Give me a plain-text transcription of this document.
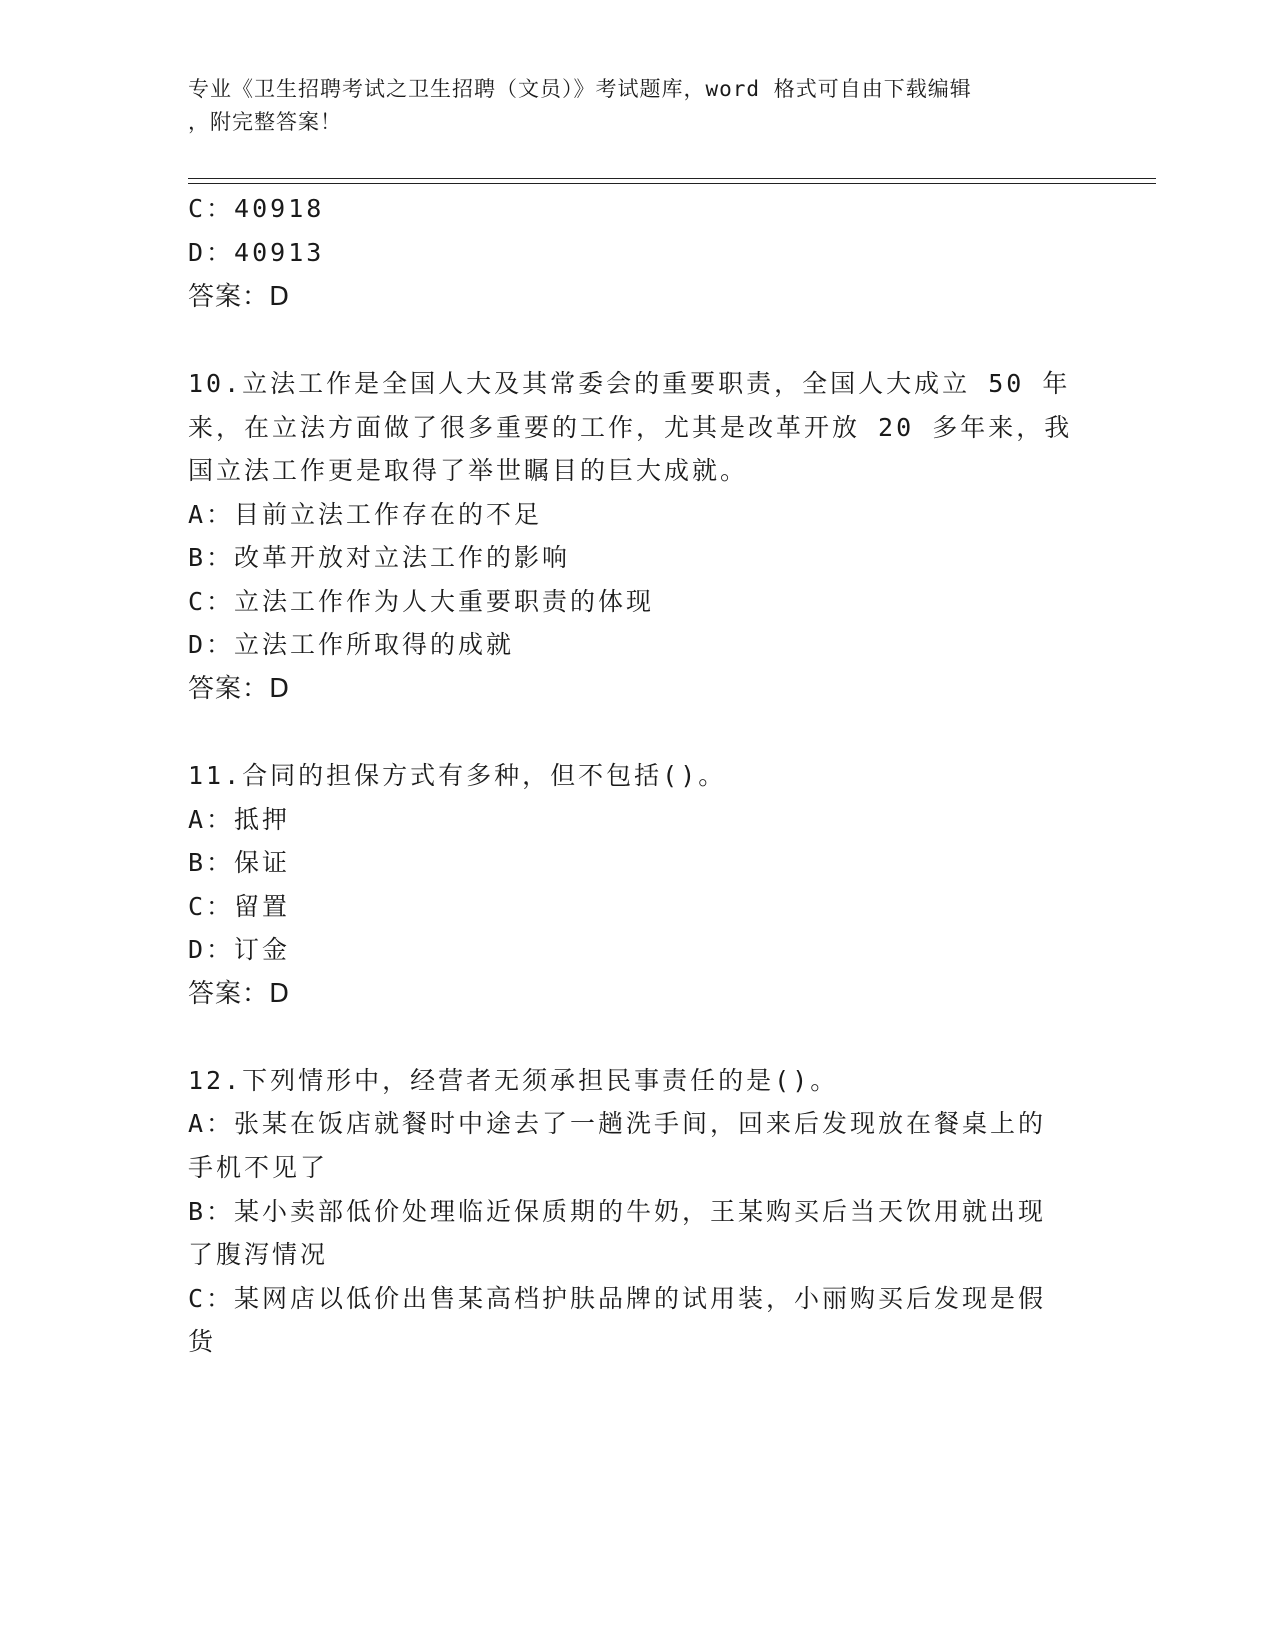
专业《卫生招聘考试之卫生招聘（文员）》考试题库，word 格式可自由下载编辑
，附完整答案！
C：40918
D：40913
答案：D
10.立法工作是全国人大及其常委会的重要职责，全国人大成立 50 年
来，在立法方面做了很多重要的工作，尤其是改革开放 20 多年来，我
国立法工作更是取得了举世瞩目的巨大成就。
A：目前立法工作存在的不足
B：改革开放对立法工作的影响
C：立法工作作为人大重要职责的体现
D：立法工作所取得的成就
答案：D
11.合同的担保方式有多种，但不包括()。
A：抵押
B：保证
C：留置
D：订金
答案：D
12.下列情形中，经营者无须承担民事责任的是()。
A：张某在饭店就餐时中途去了一趟洗手间，回来后发现放在餐桌上的
手机不见了
B：某小卖部低价处理临近保质期的牛奶，王某购买后当天饮用就出现
了腹泻情况
C：某网店以低价出售某高档护肤品牌的试用装，小丽购买后发现是假
货
